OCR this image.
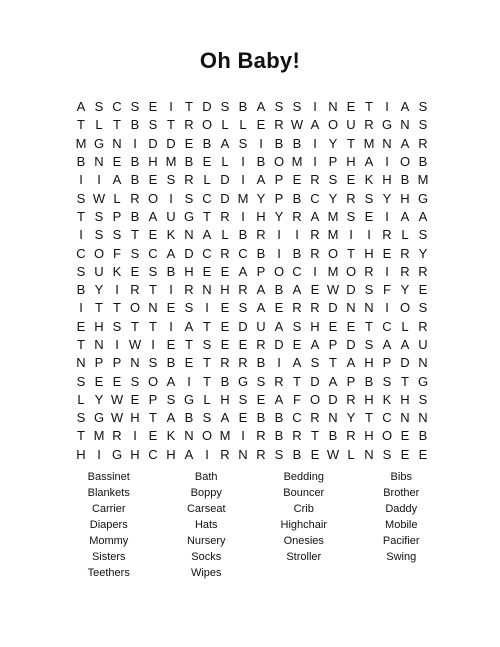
Oh Baby!
A S C S E I T D S B A S S I N E T I A S
T L T B S T R O L L E R W A O U R G N S
M G N I D D E B A S I B B I Y T M N A R
B N E B H M B E L I B O M I P H A I O B
I	I A B E S R L D I A P E R S E K H B M
S W L R O I S C D M Y P B C Y R S Y H G
T S P B A U G T R I H Y R A M S E I A A
I S S T E K N A L B R I	I R M I	I R L S
C O F S C A D C R C B I B R O T H E R Y
S U K E S B H E E A P O C I M O R I R R
B Y I R T I R N H R A B A E W D S F Y E
I T T O N E S I E S A E R R D N N I O S
E H S T T I A T E D U A S H E E T C L R
T N I W I E T S E E R D E A P D S A A U
N P P N S B E T R R B I A S T A H P D N
S E E S O A I T B G S R T D A P B S T G
L Y W E P S G L H S E A F O D R H K H S
S G W H T A B S A E B B C R N Y T C N N
T M R I E K N O M I R B R T B R H O E B
H I G H C H A I R N R S B E W L N S E E
Bassinet	Bath	Bedding	Bibs
Blankets	Boppy	Bouncer	Brother
Carrier	Carseat	Crib	Daddy
Diapers	Hats	Highchair	Mobile
Mommy	Nursery	Onesies	Pacifier
Sisters	Socks	Stroller	Swing
Teethers	Wipes
